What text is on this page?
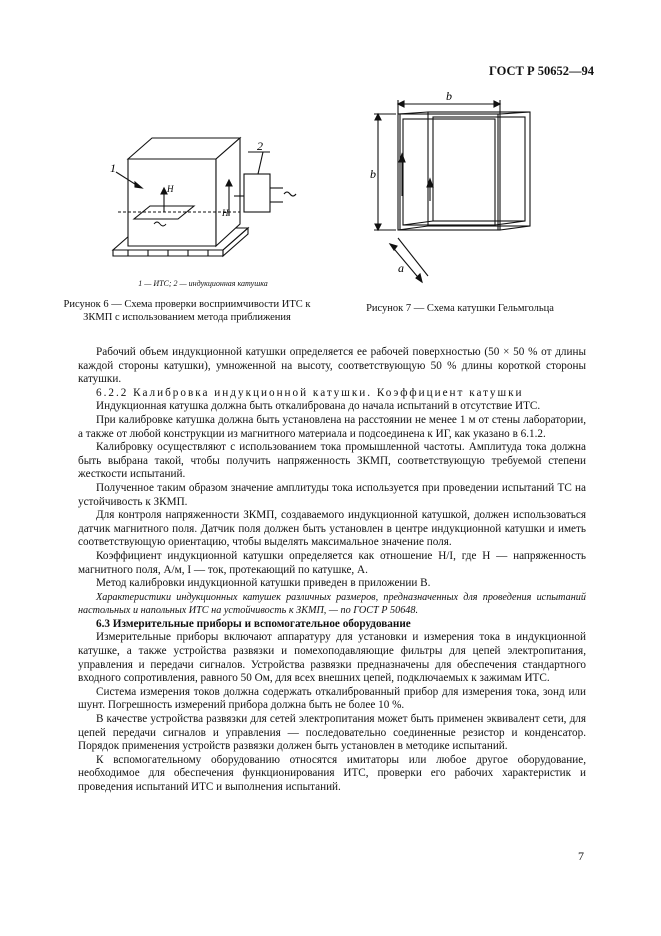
ГОСТ Р 50652—94
1
2
H
H
1 — ИТС; 2 — индукционная катушка
Рисунок 6 — Схема проверки восприимчивости ИТС к ЗКМП с использованием метода приближения
b
b
a
Рисунок 7 — Схема катушки Гельмгольца

Рабочий объем индукционной катушки определяется ее рабочей поверхностью (50 × 50 % от длины каждой стороны катушки), умноженной на высоту, соответствующую 50 % длины короткой стороны катушки.

6.2.2 Калибровка индукционной катушки. Коэффициент катушки

Индукционная катушка должна быть откалибрована до начала испытаний в отсутствие ИТС.

При калибровке катушка должна быть установлена на расстоянии не менее 1 м от стены лаборатории, а также от любой конструкции из магнитного материала и подсоединена к ИГ, как указано в 6.1.2.

Калибровку осуществляют с использованием тока промышленной частоты. Амплитуда тока должна быть выбрана такой, чтобы получить напряженность ЗКМП, соответствующую требуемой степени жесткости испытаний.

Полученное таким образом значение амплитуды тока используется при проведении испытаний ТС на устойчивость к ЗКМП.

Для контроля напряженности ЗКМП, создаваемого индукционной катушкой, должен использоваться датчик магнитного поля. Датчик поля должен быть установлен в центре индукционной катушки и иметь соответствующую ориентацию, чтобы выделять максимальное значение поля.

Коэффициент индукционной катушки определяется как отношение H/I, где H — напряженность магнитного поля, А/м, I — ток, протекающий по катушке, А.

Метод калибровки индукционной катушки приведен в приложении В.

Характеристики индукционных катушек различных размеров, предназначенных для проведения испытаний настольных и напольных ИТС на устойчивость к ЗКМП, — по ГОСТ Р 50648.

6.3 Измерительные приборы и вспомогательное оборудование

Измерительные приборы включают аппаратуру для установки и измерения тока в индукционной катушке, а также устройства развязки и помехоподавляющие фильтры для цепей электропитания, управления и передачи сигналов. Устройства развязки предназначены для обеспечения стандартного входного сопротивления, равного 50 Ом, для всех внешних цепей, подключаемых к зажимам ИТС.

Система измерения токов должна содержать откалиброванный прибор для измерения тока, зонд или шунт. Погрешность измерений прибора должна быть не более 10 %.

В качестве устройства развязки для сетей электропитания может быть применен эквивалент сети, для цепей передачи сигналов и управления — последовательно соединенные резистор и конденсатор. Порядок применения устройств развязки должен быть установлен в методике испытаний.

К вспомогательному оборудованию относятся имитаторы или любое другое оборудование, необходимое для обеспечения функционирования ИТС, проверки его рабочих характеристик и проведения испытаний ИТС и выполнения испытаний.

7
